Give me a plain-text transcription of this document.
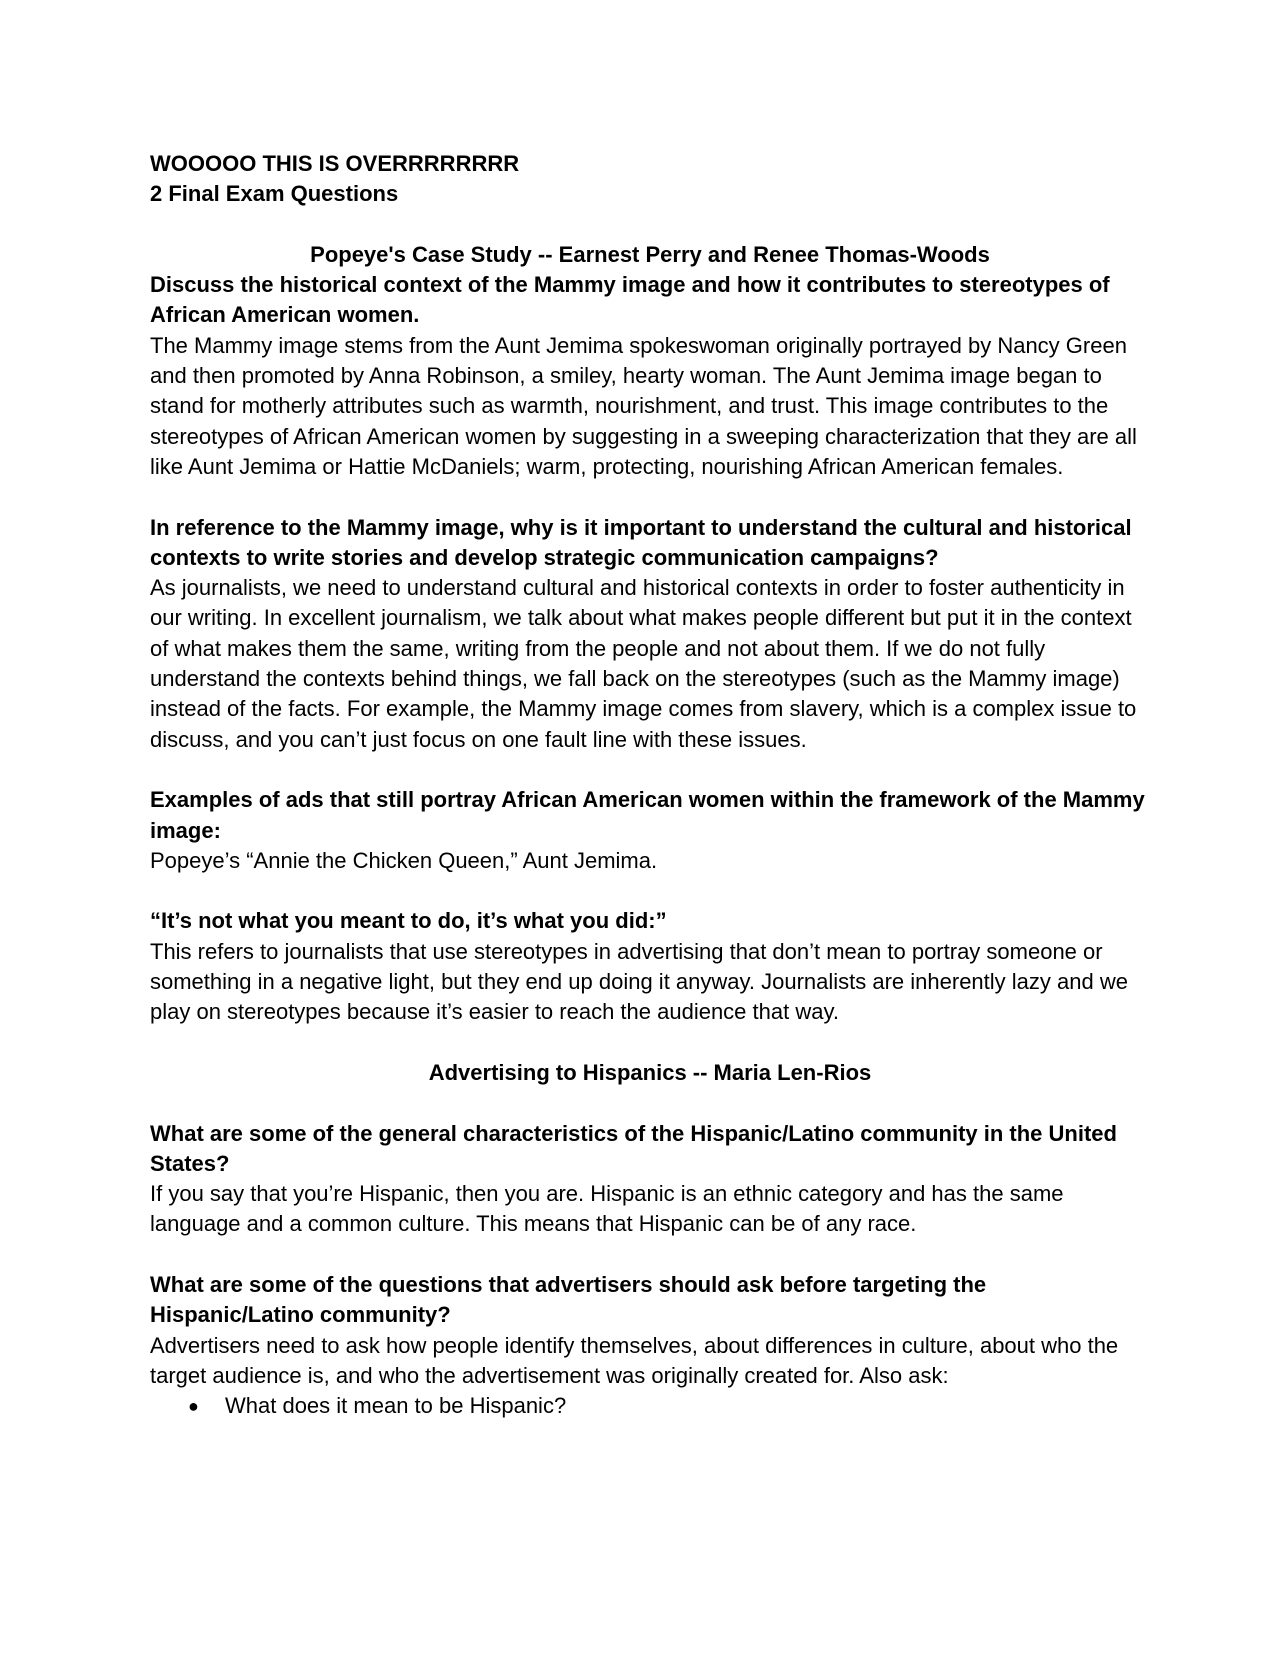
WOOOOO THIS IS OVERRRRRRRR

2 Final Exam Questions

Popeye's Case Study -- Earnest Perry and Renee Thomas-Woods

Discuss the historical context of the Mammy image and how it contributes to stereotypes of African American women.

The Mammy image stems from the Aunt Jemima spokeswoman originally portrayed by Nancy Green and then promoted by Anna Robinson, a smiley, hearty woman. The Aunt Jemima image began to stand for motherly attributes such as warmth, nourishment, and trust. This image contributes to the stereotypes of African American women by suggesting in a sweeping characterization that they are all like Aunt Jemima or Hattie McDaniels; warm, protecting, nourishing African American females.

In reference to the Mammy image, why is it important to understand the cultural and historical contexts to write stories and develop strategic communication campaigns?

As journalists, we need to understand cultural and historical contexts in order to foster authenticity in our writing. In excellent journalism, we talk about what makes people different but put it in the context of what makes them the same, writing from the people and not about them. If we do not fully understand the contexts behind things, we fall back on the stereotypes (such as the Mammy image) instead of the facts. For example, the Mammy image comes from slavery, which is a complex issue to discuss, and you can’t just focus on one fault line with these issues.

Examples of ads that still portray African American women within the framework of the Mammy image:

Popeye’s “Annie the Chicken Queen,” Aunt Jemima.

“It’s not what you meant to do, it’s what you did:”

This refers to journalists that use stereotypes in advertising that don’t mean to portray someone or something in a negative light, but they end up doing it anyway. Journalists are inherently lazy and we play on stereotypes because it’s easier to reach the audience that way.

Advertising to Hispanics -- Maria Len-Rios

What are some of the general characteristics of the Hispanic/Latino community in the United States?

If you say that you’re Hispanic, then you are. Hispanic is an ethnic category and has the same language and a common culture. This means that Hispanic can be of any race.

What are some of the questions that advertisers should ask before targeting the Hispanic/Latino community?

Advertisers need to ask how people identify themselves, about differences in culture, about who the target audience is, and who the advertisement was originally created for. Also ask:

● What does it mean to be Hispanic?
